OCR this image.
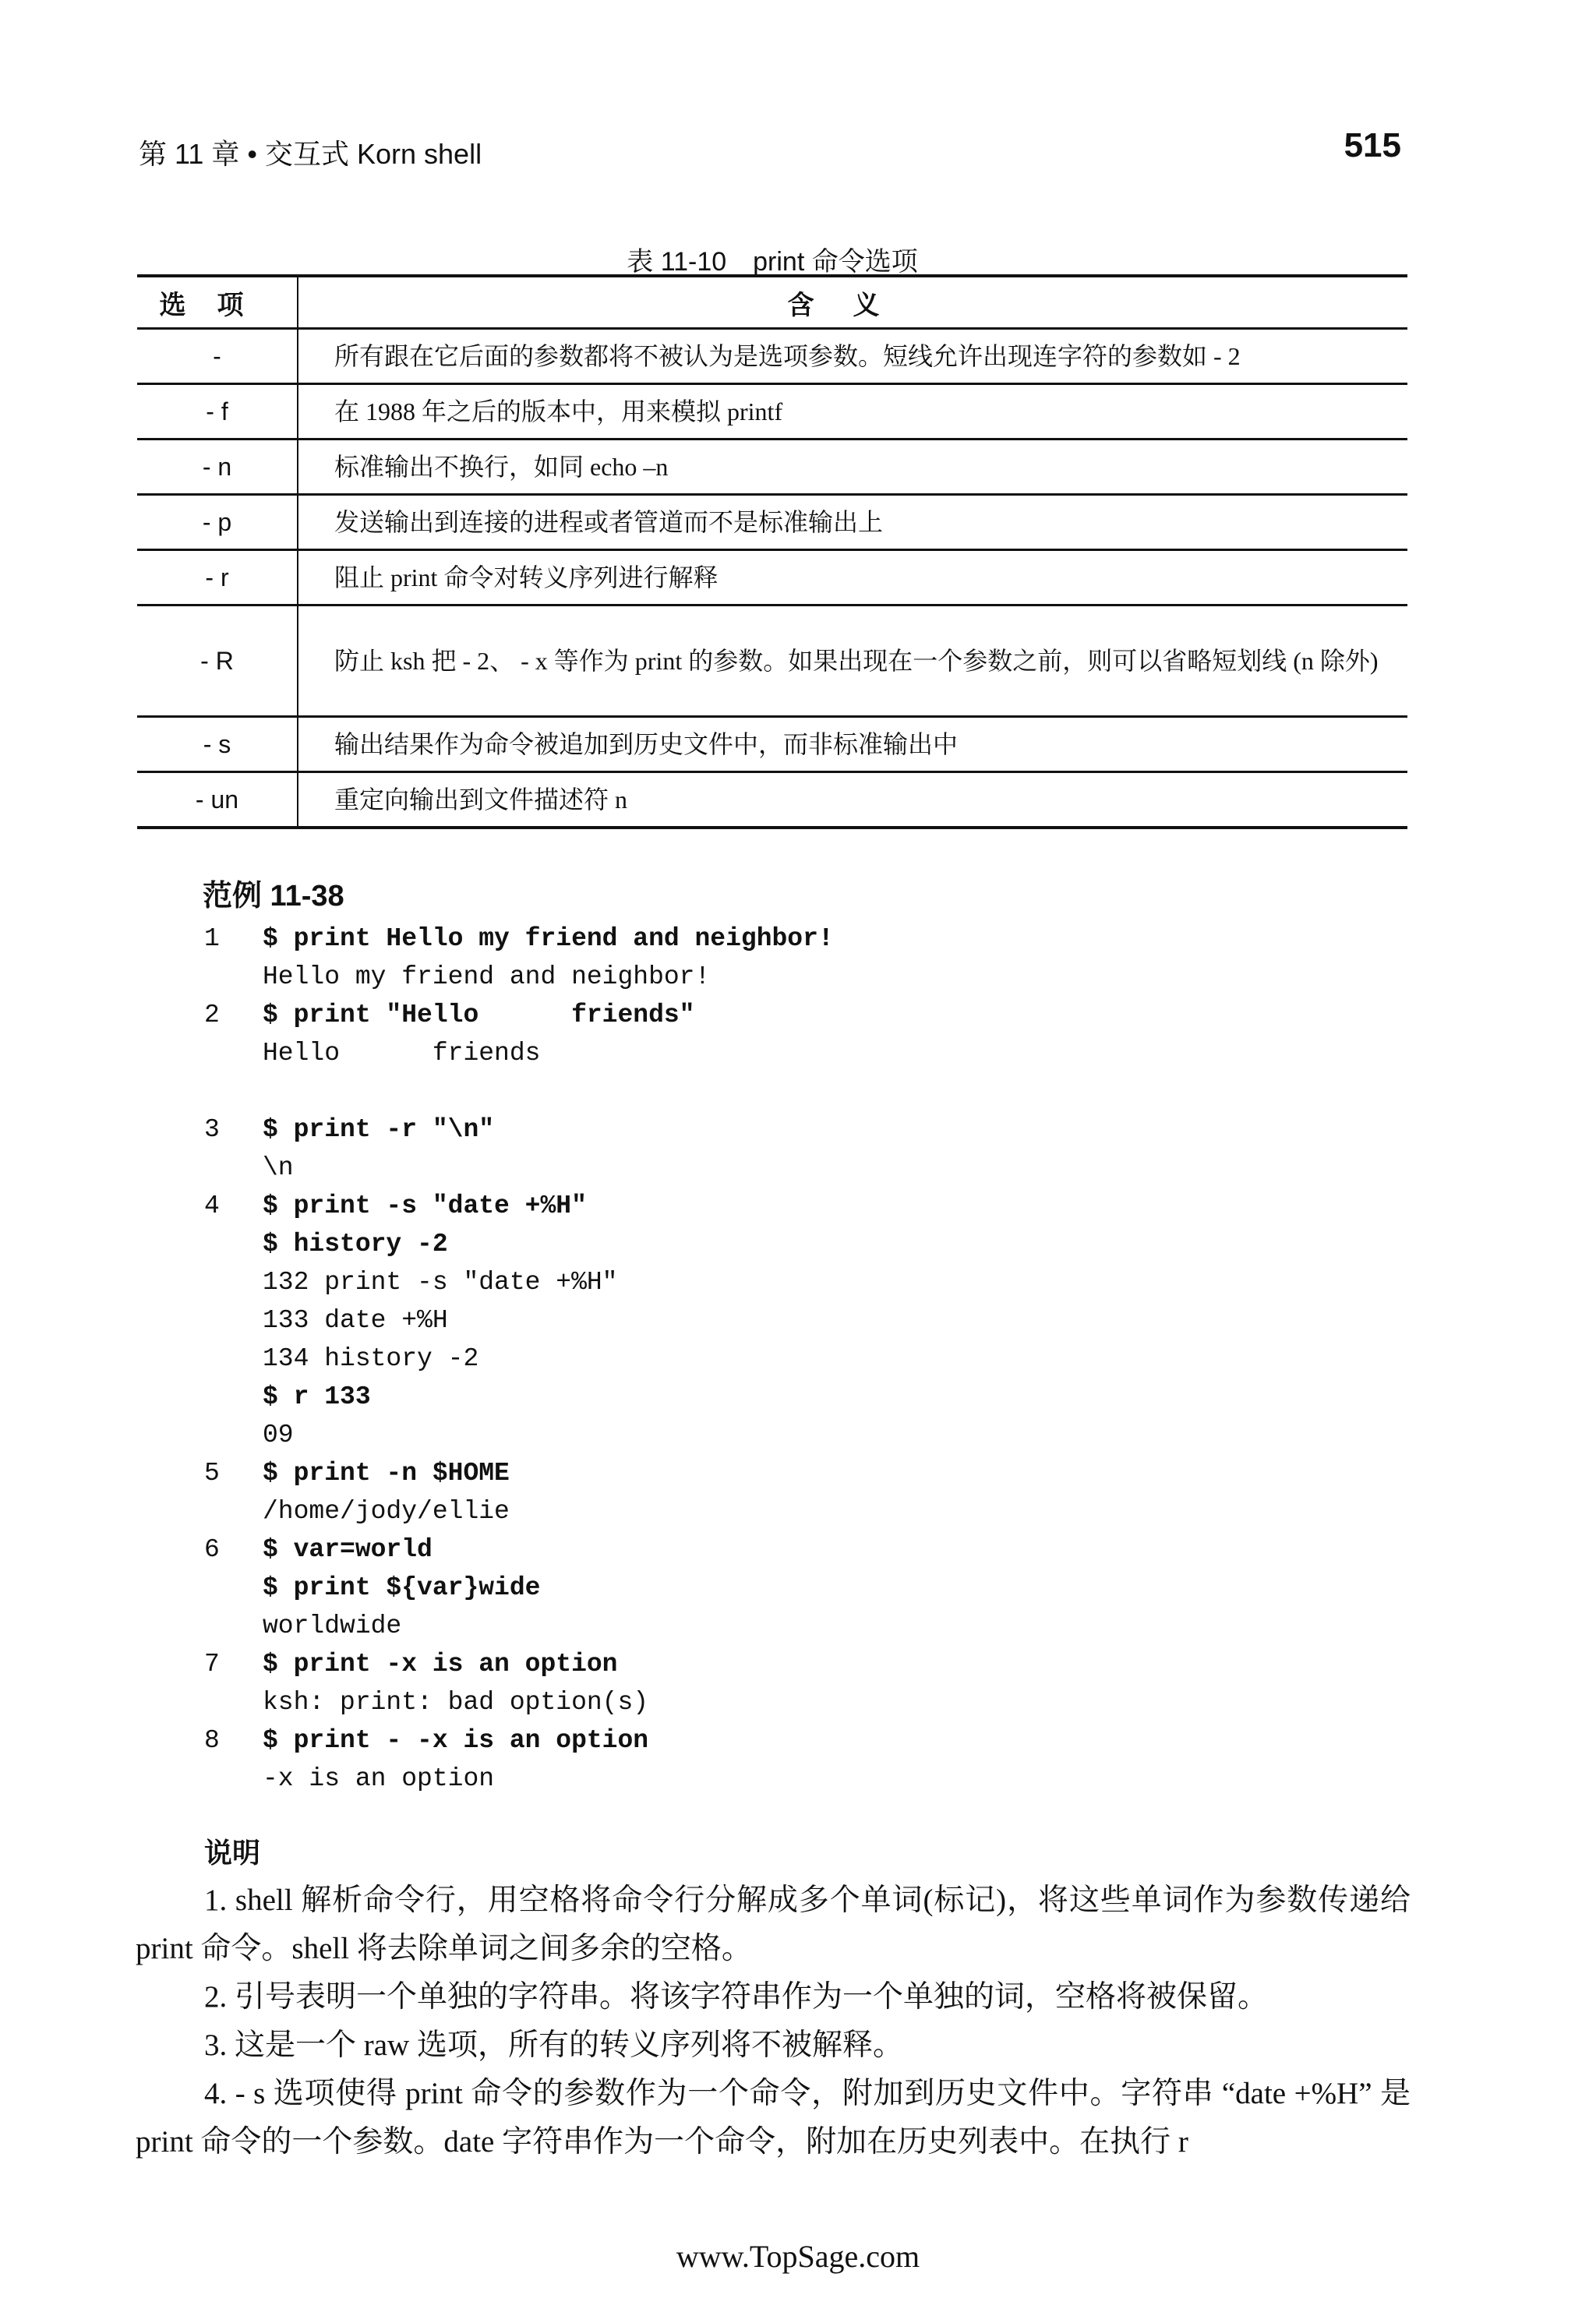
第 11 章 • 交互式 Korn shell	515
表 11-10　print 命令选项
选项	含义
-	所有跟在它后面的参数都将不被认为是选项参数。短线允许出现连字符的参数如 - 2
- f	在 1988 年之后的版本中，用来模拟 printf
- n	标准输出不换行，如同 echo –n
- p	发送输出到连接的进程或者管道而不是标准输出上
- r	阻止 print 命令对转义序列进行解释
- R	防止 ksh 把 - 2、 - x 等作为 print 的参数。如果出现在一个参数之前，则可以省略短划线 (n 除外)
- s	输出结果作为命令被追加到历史文件中，而非标准输出中
- un	重定向输出到文件描述符 n
范例 11-38
1	$ print Hello my friend and neighbor!
Hello my friend and neighbor!
2	$ print "Hello      friends"
Hello      friends
3	$ print -r "\n"
\n
4	$ print -s "date +%H"
$ history -2
132 print -s "date +%H"
133 date +%H
134 history -2
$ r 133
09
5	$ print -n $HOME
/home/jody/ellie
6	$ var=world
$ print ${var}wide
worldwide
7	$ print -x is an option
ksh: print: bad option(s)
8	$ print - -x is an option
-x is an option
说明

1. shell 解析命令行，用空格将命令行分解成多个单词(标记)，将这些单词作为参数传递给 print 命令。shell 将去除单词之间多余的空格。

2. 引号表明一个单独的字符串。将该字符串作为一个单独的词，空格将被保留。

3. 这是一个 raw 选项，所有的转义序列将不被解释。

4. - s 选项使得 print 命令的参数作为一个命令，附加到历史文件中。字符串 “date +%H” 是 print 命令的一个参数。date 字符串作为一个命令，附加在历史列表中。在执行 r

www.TopSage.com
